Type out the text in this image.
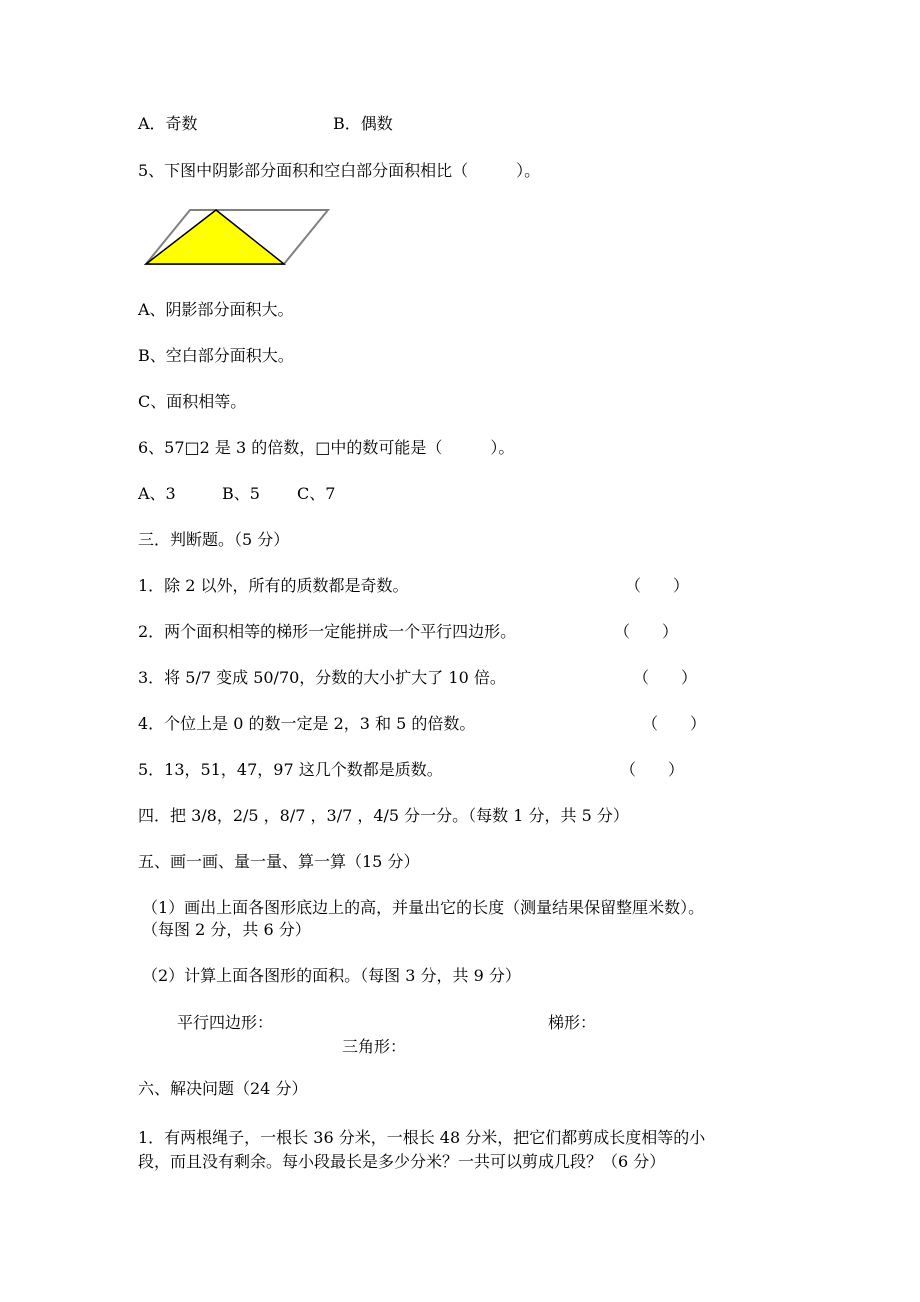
A．奇数	B．偶数

5、下图中阴影部分面积和空白部分面积相比（　　　）。

A、阴影部分面积大。

B、空白部分面积大。

C、面积相等。

6、57□2 是 3 的倍数，□中的数可能是（　　　）。

A、3	B、5 C、7

三．判断题。（5 分）

1．除 2 以外，所有的质数都是奇数。	（　　）

2．两个面积相等的梯形一定能拼成一个平行四边形。	（　　）

3．将 5/7 变成 50/70，分数的大小扩大了 10 倍。	（　　）

4．个位上是 0 的数一定是 2，3 和 5 的倍数。	（　　）

5．13，51，47，97 这几个数都是质数。	（　　）

四．把 3/8，2/5 ，8/7 ，3/7 ，4/5 分一分。（每数 1 分，共 5 分）

五、画一画、量一量、算一算（15 分）

（1）画出上面各图形底边上的高，并量出它的长度（测量结果保留整厘米数）。

（每图 2 分，共 6 分）

（2）计算上面各图形的面积。（每图 3 分，共 9 分）

平行四边形：	梯形：

三角形：

六、解决问题（24 分）

1．有两根绳子，一根长 36 分米，一根长 48 分米，把它们都剪成长度相等的小

段，而且没有剩余。每小段最长是多少分米？一共可以剪成几段？（6 分）
